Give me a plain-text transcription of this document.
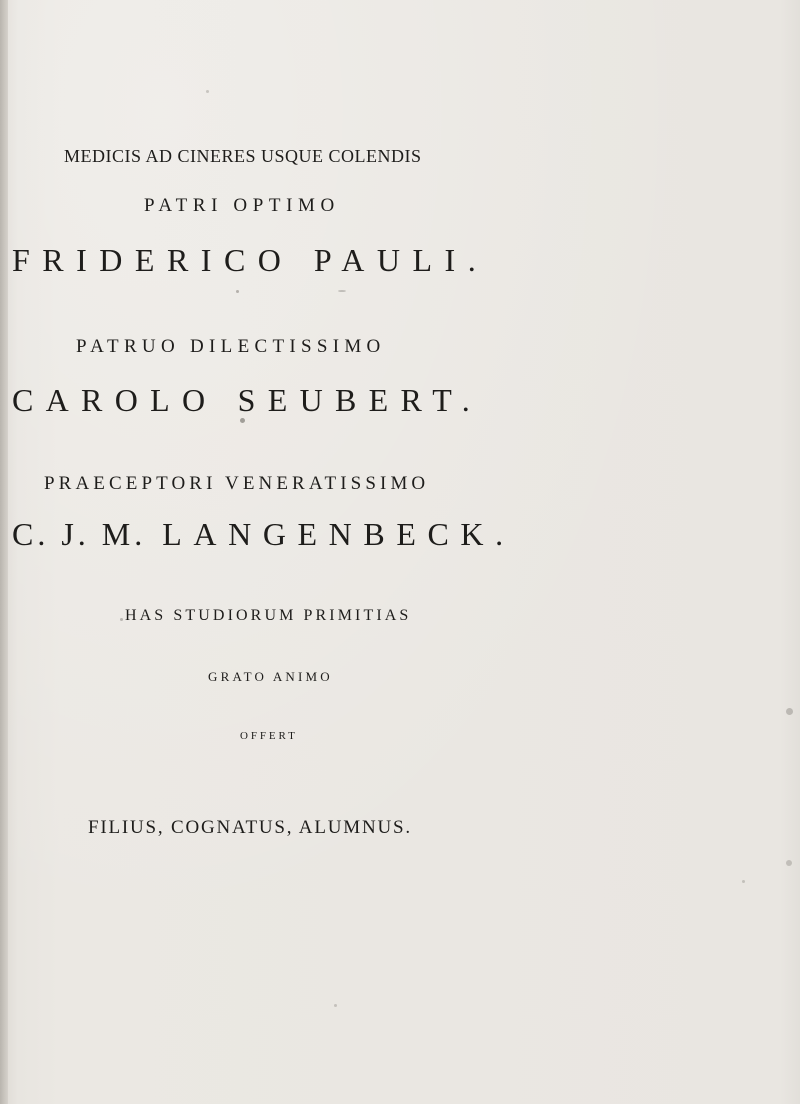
MEDICIS AD CINERES USQUE COLENDIS
PATRI OPTIMO
FRIDERICO PAULI.
PATRUO DILECTISSIMO
CAROLO SEUBERT.
PRAECEPTORI VENERATISSIMO
C. J. M. LANGENBECK.
HAS STUDIORUM PRIMITIAS
GRATO ANIMO
OFFERT
FILIUS, COGNATUS, ALUMNUS.
